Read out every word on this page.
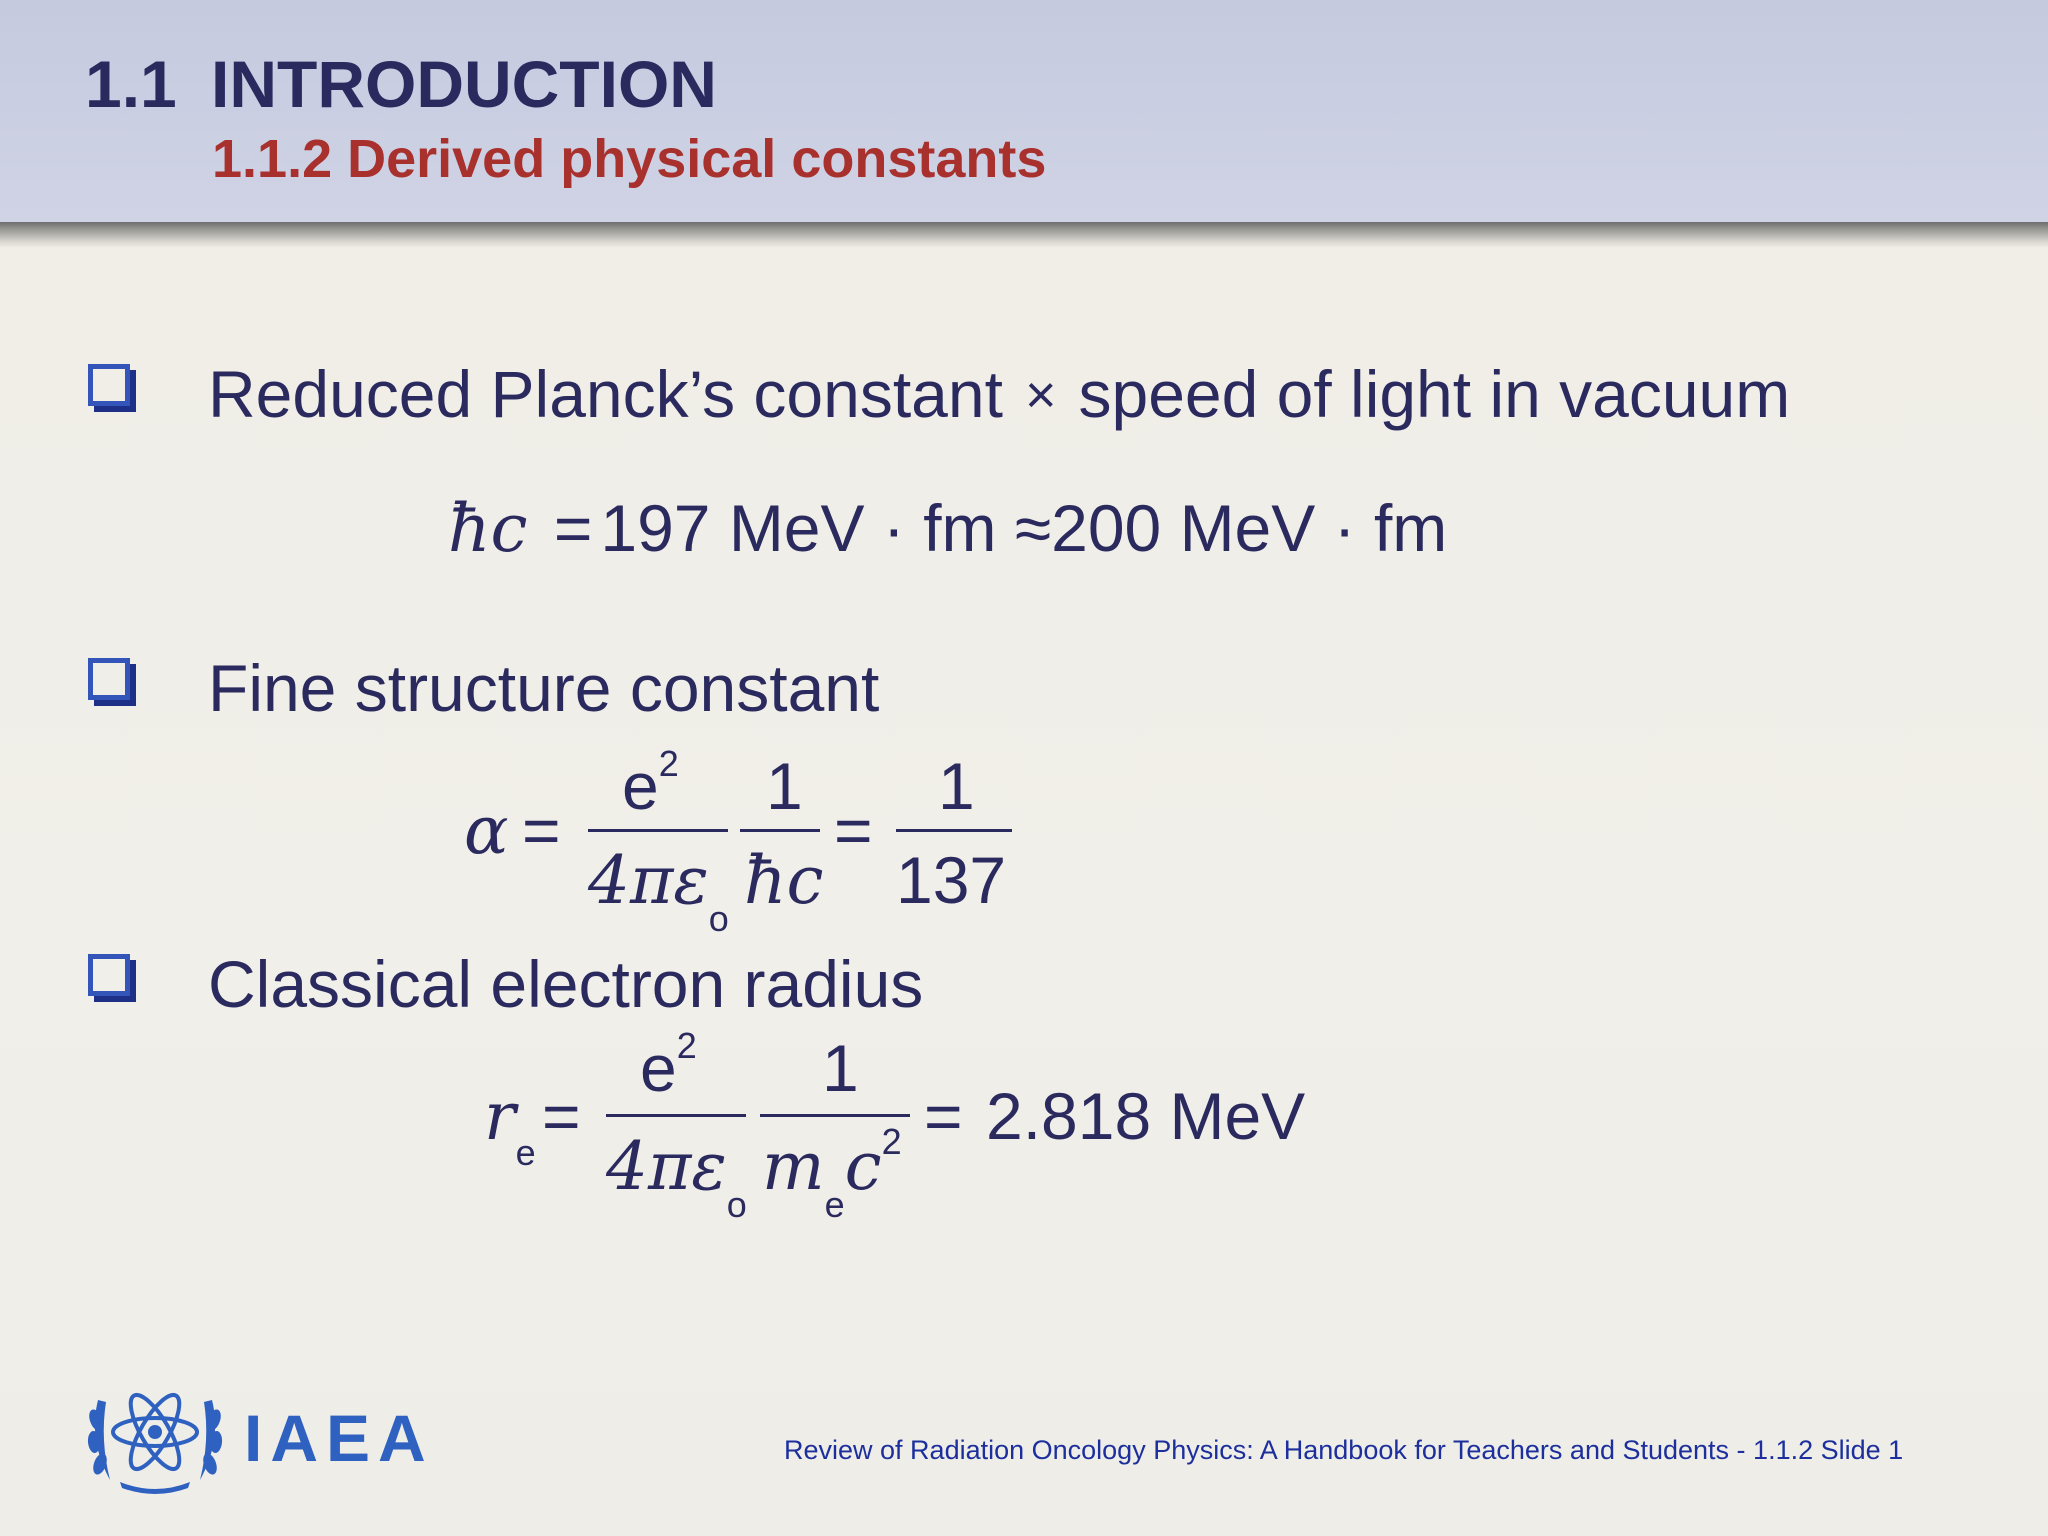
1.1 INTRODUCTION
1.1.2 Derived physical constants
Reduced Planck’s constant × speed of light in vacuum
ħc = 197 MeV · fm ≈200 MeV · fm
Fine structure constant
α =
$e^2$
$4\pi\varepsilon_o$
1
ħc
=
1
137
Classical electron radius
$r_e$ =
$e^2$
$4\pi\varepsilon_o$
1
$m_ec^2 = 2.818$ MeV
IAEA	Review of Radiation Oncology Physics: A Handbook for Teachers and Students - 1.1.2 Slide 1
